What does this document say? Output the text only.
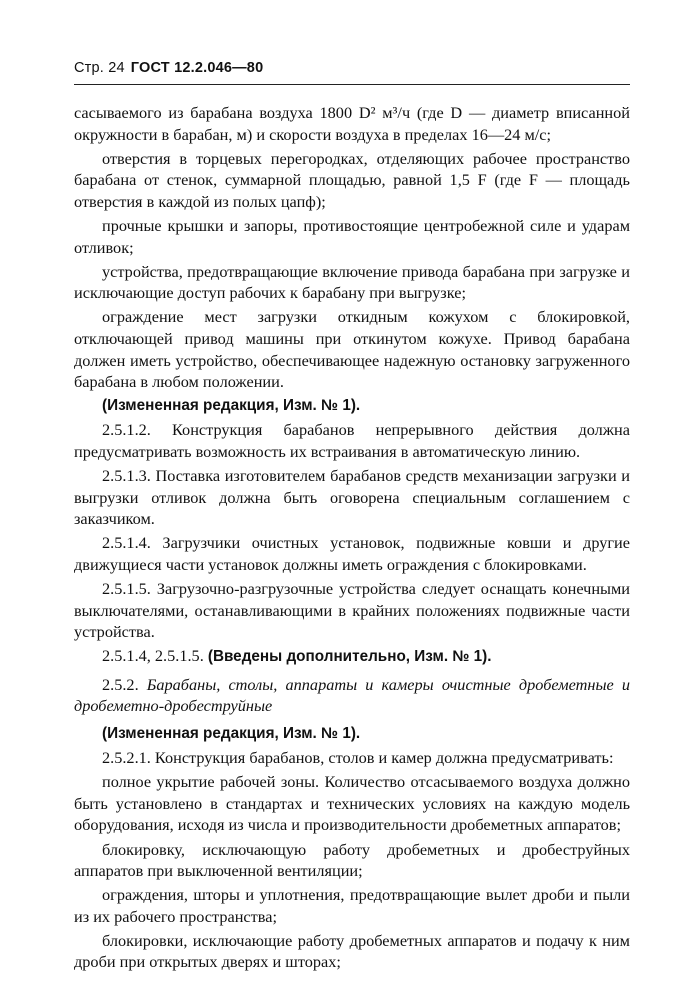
Стр. 24 ГОСТ 12.2.046—80

сасываемого из барабана воздуха 1800 D² м³/ч (где D — диаметр вписанной окружности в барабан, м) и скорости воздуха в пределах 16—24 м/с;

отверстия в торцевых перегородках, отделяющих рабочее пространство барабана от стенок, суммарной площадью, равной 1,5 F (где F — площадь отверстия в каждой из полых цапф);

прочные крышки и запоры, противостоящие центробежной силе и ударам отливок;

устройства, предотвращающие включение привода барабана при загрузке и исключающие доступ рабочих к барабану при выгрузке;

ограждение мест загрузки откидным кожухом с блокировкой, отключающей привод машины при откинутом кожухе. Привод барабана должен иметь устройство, обеспечивающее надежную остановку загруженного барабана в любом положении.

(Измененная редакция, Изм. № 1).

2.5.1.2. Конструкция барабанов непрерывного действия должна предусматривать возможность их встраивания в автоматическую линию.

2.5.1.3. Поставка изготовителем барабанов средств механизации загрузки и выгрузки отливок должна быть оговорена специальным соглашением с заказчиком.

2.5.1.4. Загрузчики очистных установок, подвижные ковши и другие движущиеся части установок должны иметь ограждения с блокировками.

2.5.1.5. Загрузочно-разгрузочные устройства следует оснащать конечными выключателями, останавливающими в крайних положениях подвижные части устройства.

2.5.1.4, 2.5.1.5. (Введены дополнительно, Изм. № 1).

2.5.2. Барабаны, столы, аппараты и камеры очистные дробеметные и дробеметно-дробеструйные

(Измененная редакция, Изм. № 1).

2.5.2.1. Конструкция барабанов, столов и камер должна предусматривать:

полное укрытие рабочей зоны. Количество отсасываемого воздуха должно быть установлено в стандартах и технических условиях на каждую модель оборудования, исходя из числа и производительности дробеметных аппаратов;

блокировку, исключающую работу дробеметных и дробеструйных аппаратов при выключенной вентиляции;

ограждения, шторы и уплотнения, предотвращающие вылет дроби и пыли из их рабочего пространства;

блокировки, исключающие работу дробеметных аппаратов и подачу к ним дроби при открытых дверях и шторах;
